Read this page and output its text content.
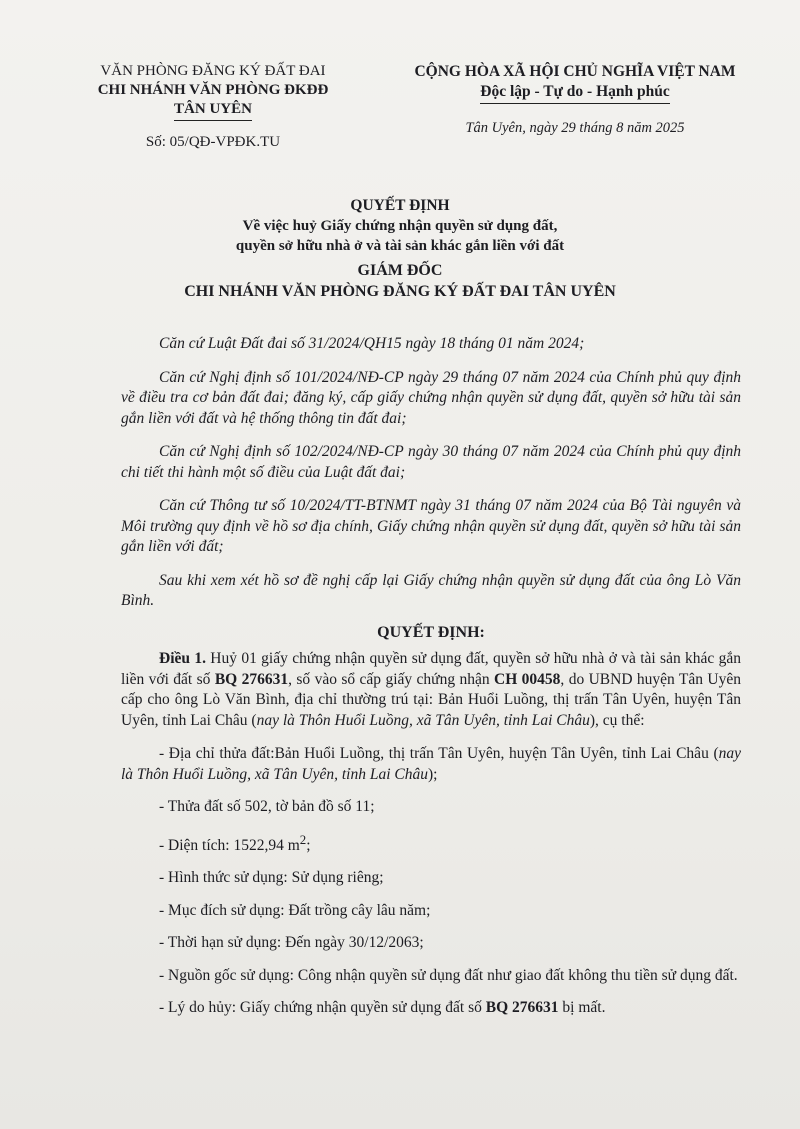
VĂN PHÒNG ĐĂNG KÝ ĐẤT ĐAI
CHI NHÁNH VĂN PHÒNG ĐKĐĐ
TÂN UYÊN
Số: 05/QĐ-VPĐK.TU
CỘNG HÒA XÃ HỘI CHỦ NGHĨA VIỆT NAM
Độc lập - Tự do - Hạnh phúc
Tân Uyên, ngày 29 tháng 8 năm 2025
QUYẾT ĐỊNH
Về việc huỷ Giấy chứng nhận quyền sử dụng đất,
quyền sở hữu nhà ở và tài sản khác gắn liền với đất
GIÁM ĐỐC
CHI NHÁNH VĂN PHÒNG ĐĂNG KÝ ĐẤT ĐAI TÂN UYÊN

Căn cứ Luật Đất đai số 31/2024/QH15 ngày 18 tháng 01 năm 2024;

Căn cứ Nghị định số 101/2024/NĐ-CP ngày 29 tháng 07 năm 2024 của Chính phủ quy định về điều tra cơ bản đất đai; đăng ký, cấp giấy chứng nhận quyền sử dụng đất, quyền sở hữu tài sản gắn liền với đất và hệ thống thông tin đất đai;

Căn cứ Nghị định số 102/2024/NĐ-CP ngày 30 tháng 07 năm 2024 của Chính phủ quy định chi tiết thi hành một số điều của Luật đất đai;

Căn cứ Thông tư số 10/2024/TT-BTNMT ngày 31 tháng 07 năm 2024 của Bộ Tài nguyên và Môi trường quy định về hồ sơ địa chính, Giấy chứng nhận quyền sử dụng đất, quyền sở hữu tài sản gắn liền với đất;

Sau khi xem xét hồ sơ đề nghị cấp lại Giấy chứng nhận quyền sử dụng đất của ông Lò Văn Bình.

QUYẾT ĐỊNH:

Điều 1. Huỷ 01 giấy chứng nhận quyền sử dụng đất, quyền sở hữu nhà ở và tài sản khác gắn liền với đất số BQ 276631, số vào sổ cấp giấy chứng nhận CH 00458, do UBND huyện Tân Uyên cấp cho ông Lò Văn Bình, địa chỉ thường trú tại: Bản Huổi Luồng, thị trấn Tân Uyên, huyện Tân Uyên, tỉnh Lai Châu (nay là Thôn Huổi Luồng, xã Tân Uyên, tỉnh Lai Châu), cụ thể:

- Địa chỉ thửa đất:Bản Huổi Luồng, thị trấn Tân Uyên, huyện Tân Uyên, tỉnh Lai Châu (nay là Thôn Huổi Luồng, xã Tân Uyên, tỉnh Lai Châu);

- Thửa đất số 502, tờ bản đồ số 11;

- Diện tích: 1522,94 $m^2$;

- Hình thức sử dụng: Sử dụng riêng;

- Mục đích sử dụng: Đất trồng cây lâu năm;

- Thời hạn sử dụng: Đến ngày 30/12/2063;

- Nguồn gốc sử dụng: Công nhận quyền sử dụng đất như giao đất không thu tiền sử dụng đất.

- Lý do hủy: Giấy chứng nhận quyền sử dụng đất số BQ 276631 bị mất.
